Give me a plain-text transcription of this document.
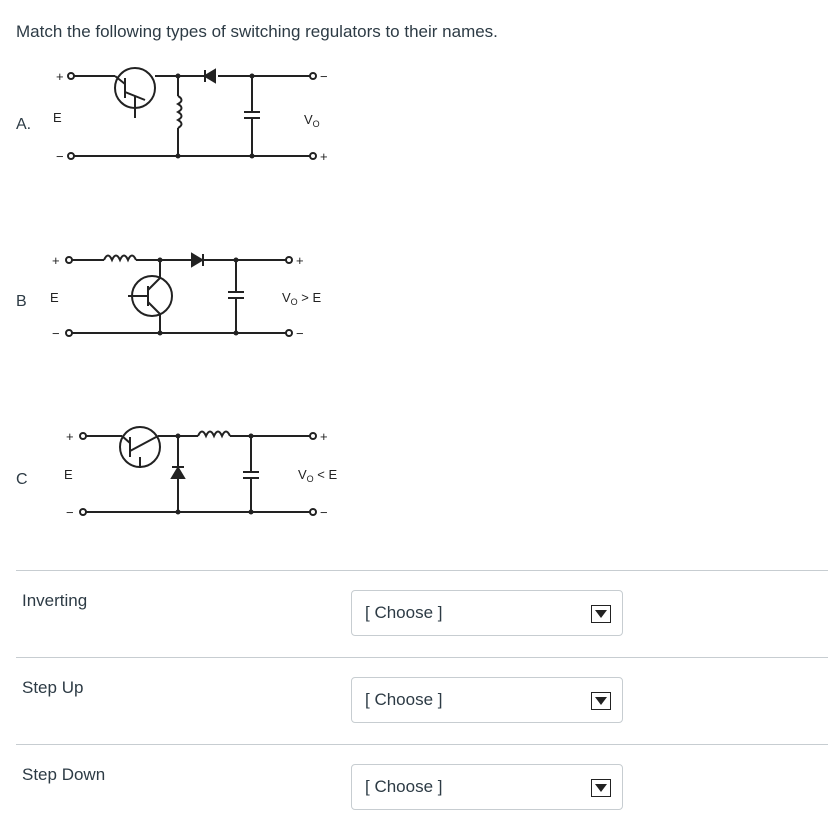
Match the following types of switching regulators to their names.
A.
+
E
−
−
+
$V_O$
B
+
E
−
+
−
$V_O > E$
C
+
E
−
+
−
$V_O < E$
Inverting
[ Choose ]
Step Up
[ Choose ]
Step Down
[ Choose ]
